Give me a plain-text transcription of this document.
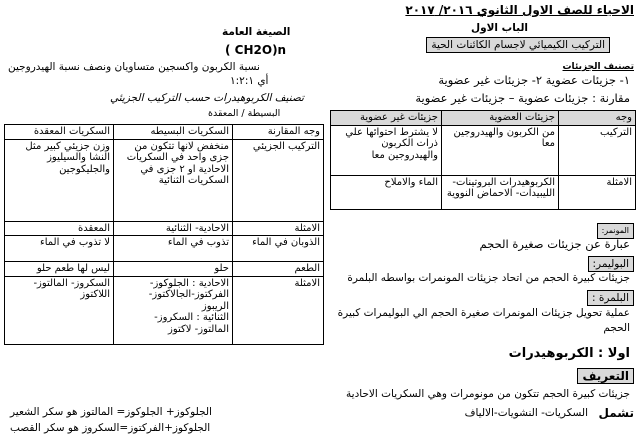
الاحياء للصف الاول الثانوي ٢٠١٦/ ٢٠١٧
الباب الاول
التركيب الكيميائي لاجسام الكائنات الحية
تصنيف الجزيئات
١- جزيئات عضوية ٢- جزيئات غير عضوية
مقارنة : جزيئات عضوية – جزيئات غير عضوية
وجه	جزيئات العضوية	جزيئات غير عضوية
التركيب	من الكربون والهيدروجين معا	لا يشترط احتوائها علي ذرات الكربون والهيدروجين معا
الامثلة	الكربوهيدرات البروتينات- الليبيدات- الاحماض النووية	الماء والاملاح
المونمر:
عبارة عن جزيئات صغيرة الحجم
البوليمر:
جزيئات كبيرة الحجم من اتحاد جزيئات المونمرات بواسطه البلمرة
البلمرة :
عملية تحويل جزيئات المونمرات صغيرة الحجم الي البوليمرات كبيرة الحجم
اولا : الكربوهيدرات
التعريف
جزيئات كبيرة الحجم تتكون من مونومرات وهي السكريات الاحادية
تشمل
السكريات- النشويات-الالياف
الصيغة العامة
( CH2O)n
نسبة الكربون واكسجين متساويان ونصف نسبة الهيدروجين
أي ١:٢:١
تصنيف الكربوهيدرات حسب التركيب الجزيئي
البسيطة / المعقدة
وجه المقارنة	السكريات البسيطه	السكريات المعقدة
التركيب الجزيئي	منخفض لانها تتكون من جزى واحد في السكريات الاحادية او ٢ جزى في السكريات الثنائية	وزن جزيئي كبير مثل النشا والسيليوز والجليكوجين
الامثلة	الاحادية- الثنائية	المعقدة
الذوبان في الماء	تذوب في الماء	لا تذوب في الماء
الطعم	حلو	ليس لها طعم حلو
الامثلة	الاحادية : الجلوكوز-
الفركتوز-الجالاكتوز-
الريبوز
الثنائية : السكروز-
المالتوز- لاكتوز	السكروز- المالتوز-اللاكتوز
الجلوكوز+ الجلوكوز= المالتوز هو سكر الشعير
الجلوكوز+الفركتوز=السكروز هو سكر القصب
